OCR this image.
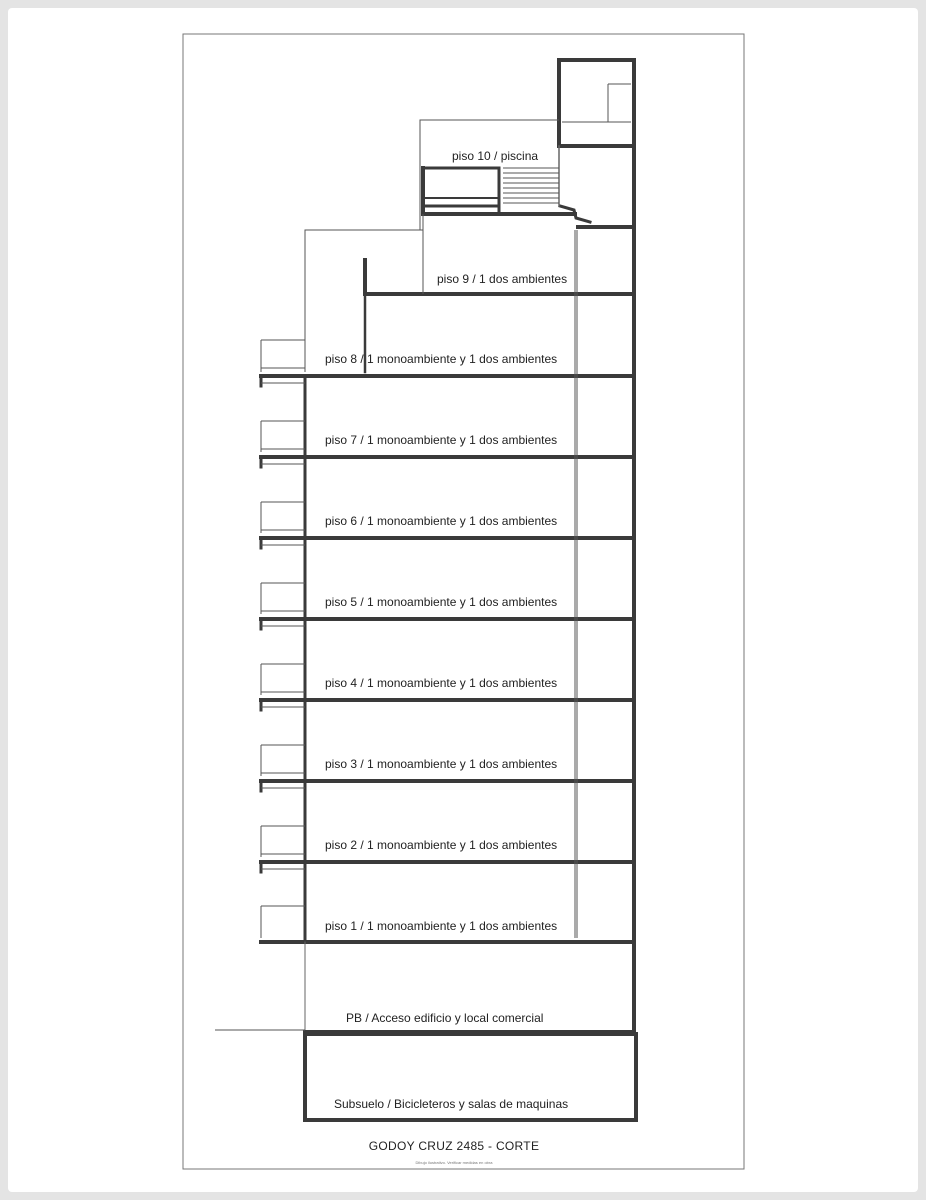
piso 10 / piscina
piso 9 / 1 dos ambientes
piso 8 / 1 monoambiente y 1 dos ambientes
piso 7 / 1 monoambiente y 1 dos ambientes
piso 6 / 1 monoambiente y 1 dos ambientes
piso 5 / 1 monoambiente y 1 dos ambientes
piso 4 / 1 monoambiente y 1 dos ambientes
piso 3 / 1 monoambiente y 1 dos ambientes
piso 2 / 1 monoambiente y 1 dos ambientes
piso 1 / 1 monoambiente y 1 dos ambientes
PB / Acceso edificio y local comercial
Subsuelo / Bicicleteros y salas de maquinas
GODOY CRUZ 2485 - CORTE
Dibujo ilustrativo. Verificar medidas en obra
